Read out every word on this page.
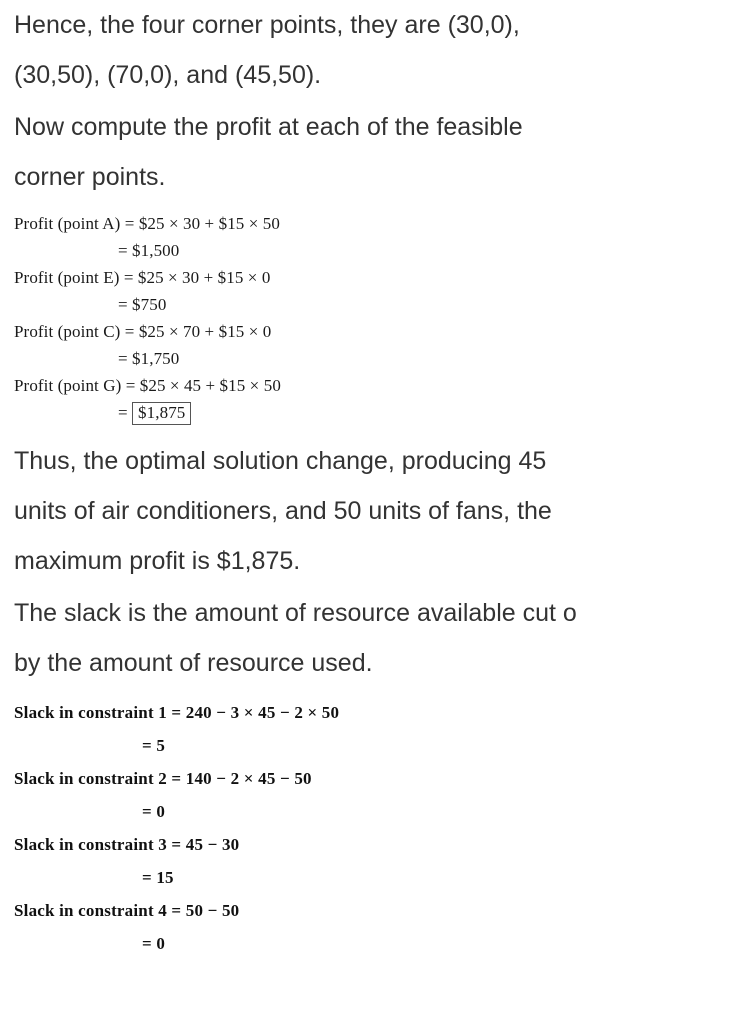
Hence, the four corner points, they are (30,0),

(30,50), (70,0), and (45,50).

Now compute the profit at each of the feasible

corner points.

Profit (point A) = $25 × 30 + $15 × 50
= $1,500
Profit (point E) = $25 × 30 + $15 × 0
= $750
Profit (point C) = $25 × 70 + $15 × 0
= $1,750
Profit (point G) = $25 × 45 + $15 × 50
= $1,875

Thus, the optimal solution change, producing 45

units of air conditioners, and 50 units of fans, the

maximum profit is $1,875.

The slack is the amount of resource available cut o

by the amount of resource used.

Slack in constraint 1 = 240 − 3 × 45 − 2 × 50
= 5
Slack in constraint 2 = 140 − 2 × 45 − 50
= 0
Slack in constraint 3 = 45 − 30
= 15
Slack in constraint 4 = 50 − 50
= 0
